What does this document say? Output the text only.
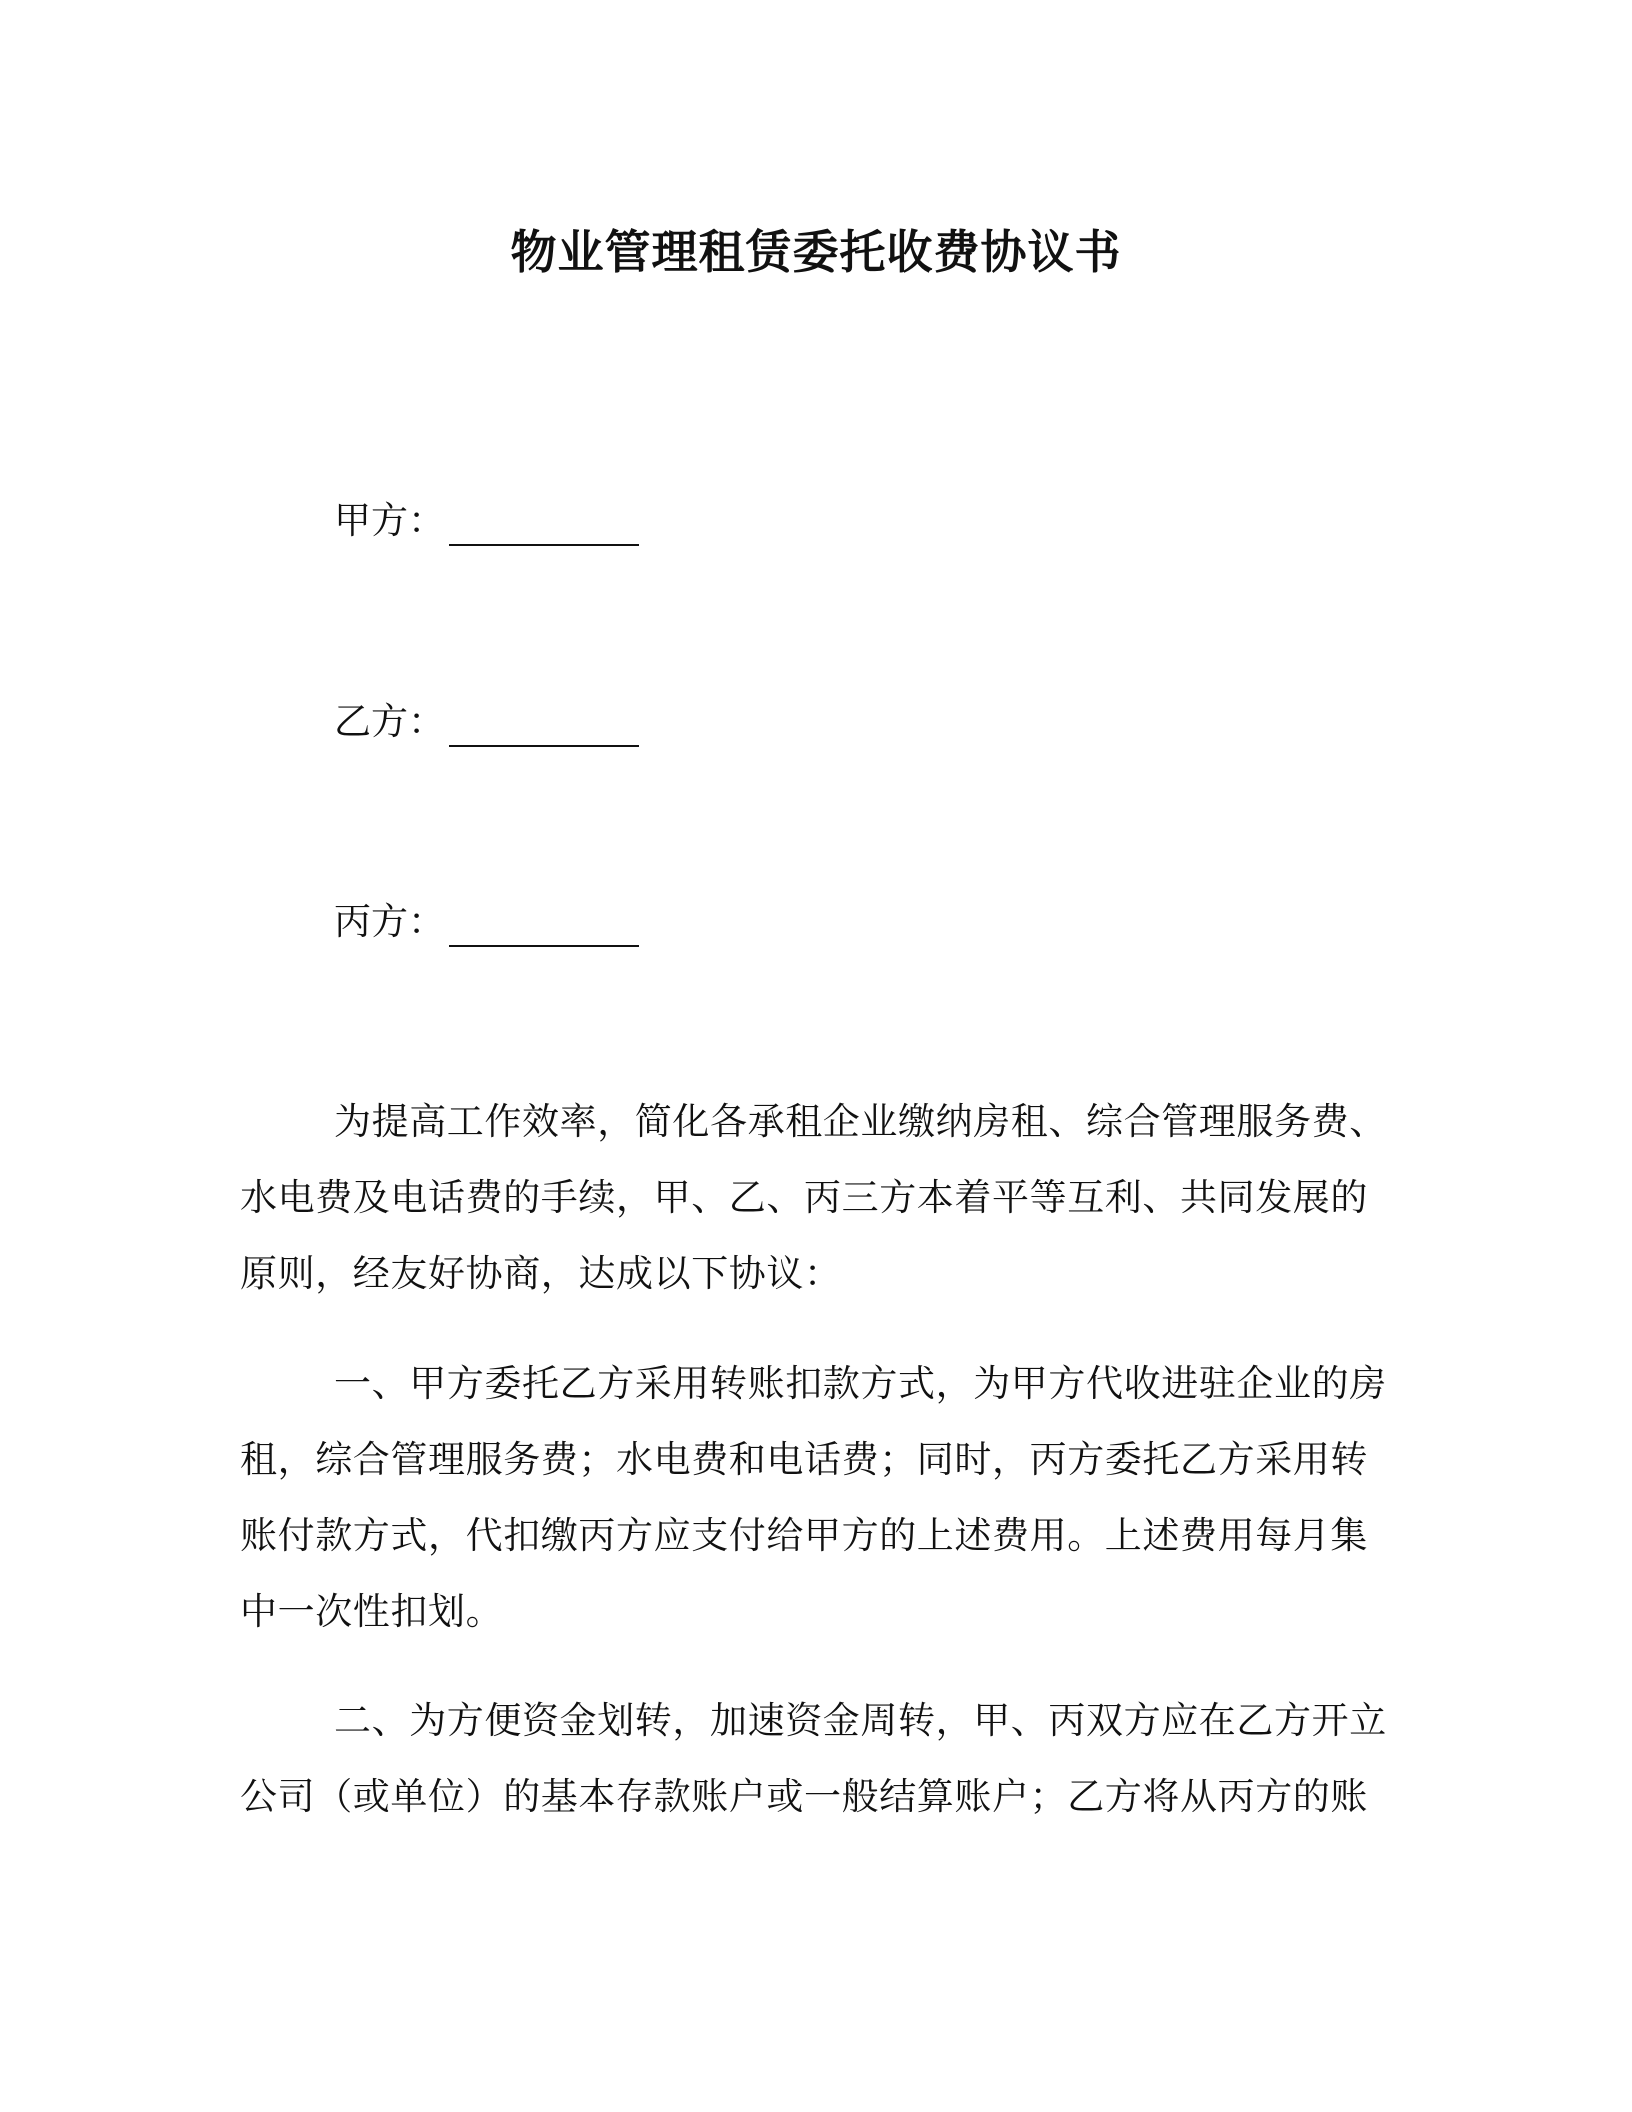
物业管理租赁委托收费协议书
甲方：
乙方：
丙方：

为提高工作效率，简化各承租企业缴纳房租、综合管理服务费、水电费及电话费的手续，甲、乙、丙三方本着平等互利、共同发展的原则，经友好协商，达成以下协议：

一、甲方委托乙方采用转账扣款方式，为甲方代收进驻企业的房租，综合管理服务费；水电费和电话费；同时，丙方委托乙方采用转账付款方式，代扣缴丙方应支付给甲方的上述费用。上述费用每月集中一次性扣划。

二、为方便资金划转，加速资金周转，甲、丙双方应在乙方开立公司（或单位）的基本存款账户或一般结算账户；乙方将从丙方的账
